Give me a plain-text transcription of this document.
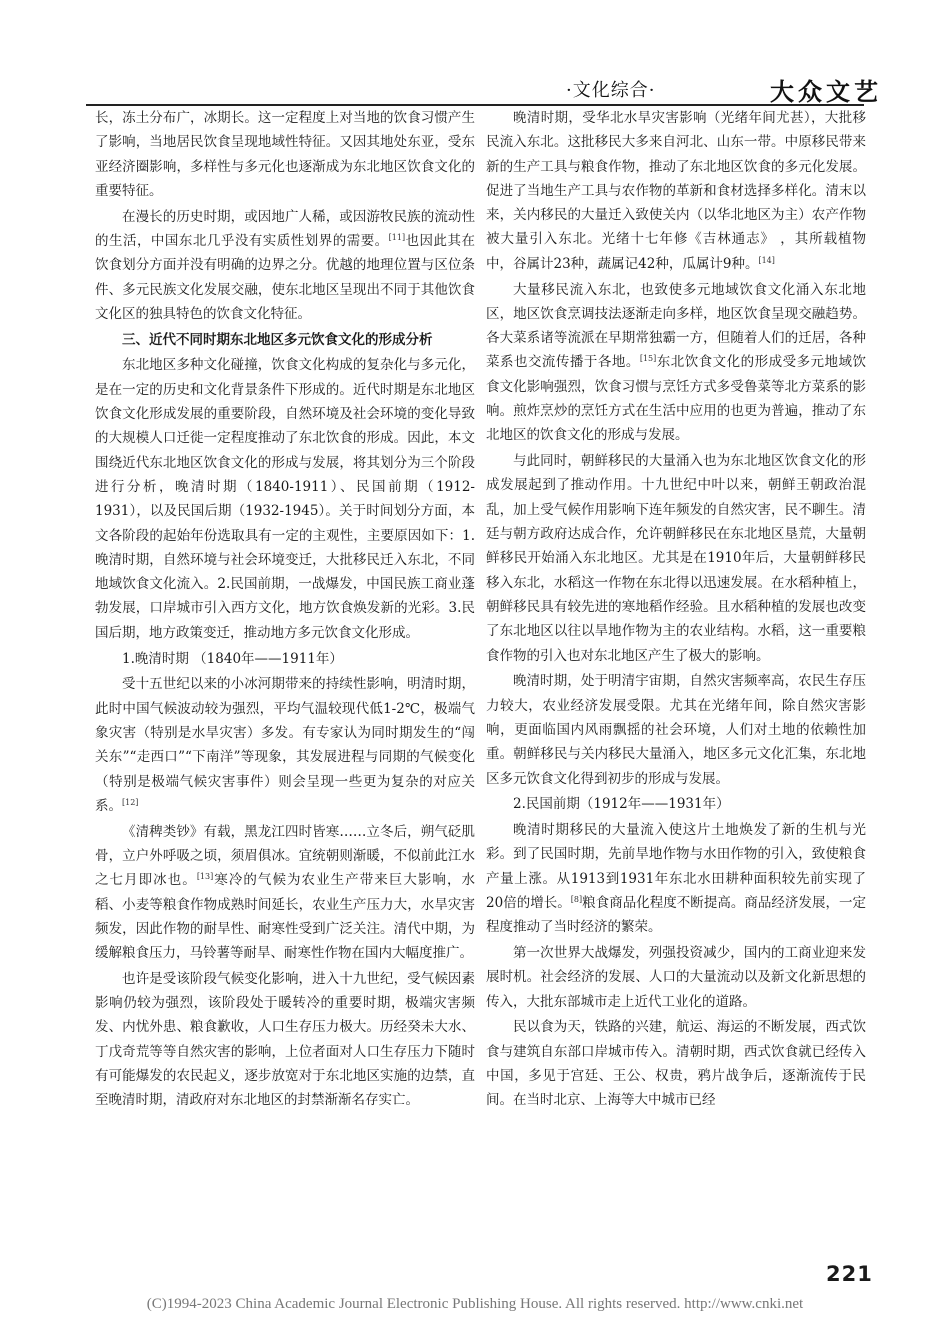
·文化综合·	大众文艺

长，冻土分布广，冰期长。这一定程度上对当地的饮食习惯产生了影响，当地居民饮食呈现地域性特征。又因其地处东亚，受东亚经济圈影响，多样性与多元化也逐渐成为东北地区饮食文化的重要特征。

在漫长的历史时期，或因地广人稀，或因游牧民族的流动性的生活，中国东北几乎没有实质性划界的需要。[11]也因此其在饮食划分方面并没有明确的边界之分。优越的地理位置与区位条件、多元民族文化发展交融，使东北地区呈现出不同于其他饮食文化区的独具特色的饮食文化特征。

三、近代不同时期东北地区多元饮食文化的形成分析

东北地区多种文化碰撞，饮食文化构成的复杂化与多元化，是在一定的历史和文化背景条件下形成的。近代时期是东北地区饮食文化形成发展的重要阶段，自然环境及社会环境的变化导致的大规模人口迁徙一定程度推动了东北饮食的形成。因此，本文围绕近代东北地区饮食文化的形成与发展，将其划分为三个阶段进行分析，晚清时期（1840-1911）、民国前期（1912-1931），以及民国后期（1932-1945）。关于时间划分方面，本文各阶段的起始年份选取具有一定的主观性，主要原因如下：1.晚清时期，自然环境与社会环境变迁，大批移民迁入东北，不同地域饮食文化流入。2.民国前期，一战爆发，中国民族工商业蓬勃发展，口岸城市引入西方文化，地方饮食焕发新的光彩。3.民国后期，地方政策变迁，推动地方多元饮食文化形成。

1.晚清时期 （1840年——1911年）

受十五世纪以来的小冰河期带来的持续性影响，明清时期，此时中国气候波动较为强烈，平均气温较现代低1-2℃，极端气象灾害（特别是水旱灾害）多发。有专家认为同时期发生的“闯关东”“走西口”“下南洋”等现象，其发展进程与同期的气候变化（特别是极端气候灾害事件）则会呈现一些更为复杂的对应关系。[12]

《清稗类钞》有载，黑龙江四时皆寒……立冬后，朔气砭肌骨，立户外呼吸之顷，须眉俱冰。宜统朝则渐暖，不似前此江水之七月即冰也。[13]寒冷的气候为农业生产带来巨大影响，水稻、小麦等粮食作物成熟时间延长，农业生产压力大，水旱灾害频发，因此作物的耐旱性、耐寒性受到广泛关注。清代中期，为缓解粮食压力，马铃薯等耐旱、耐寒性作物在国内大幅度推广。

也许是受该阶段气候变化影响，进入十九世纪，受气候因素影响仍较为强烈，该阶段处于暖转冷的重要时期，极端灾害频发、内忧外患、粮食歉收，人口生存压力极大。历经癸未大水、丁戊奇荒等等自然灾害的影响，上位者面对人口生存压力下随时有可能爆发的农民起义，逐步放宽对于东北地区实施的边禁，直至晚清时期，清政府对东北地区的封禁渐渐名存实亡。

晚清时期，受华北水旱灾害影响（光绪年间尤甚），大批移民流入东北。这批移民大多来自河北、山东一带。中原移民带来新的生产工具与粮食作物，推动了东北地区饮食的多元化发展。促进了当地生产工具与农作物的革新和食材选择多样化。清末以来，关内移民的大量迁入致使关内（以华北地区为主）农产作物被大量引入东北。光绪十七年修《吉林通志》 ，其所载植物中，谷属计23种，蔬属记42种，瓜属计9种。[14]

大量移民流入东北，也致使多元地域饮食文化涌入东北地区，地区饮食烹调技法逐渐走向多样，地区饮食呈现交融趋势。各大菜系诸等流派在早期常独霸一方，但随着人们的迁居，各种菜系也交流传播于各地。[15]东北饮食文化的形成受多元地域饮食文化影响强烈，饮食习惯与烹饪方式多受鲁菜等北方菜系的影响。煎炸烹炒的烹饪方式在生活中应用的也更为普遍，推动了东北地区的饮食文化的形成与发展。

与此同时，朝鲜移民的大量涌入也为东北地区饮食文化的形成发展起到了推动作用。十九世纪中叶以来，朝鲜王朝政治混乱，加上受气候作用影响下连年频发的自然灾害，民不聊生。清廷与朝方政府达成合作，允许朝鲜移民在东北地区垦荒，大量朝鲜移民开始涌入东北地区。尤其是在1910年后，大量朝鲜移民移入东北，水稻这一作物在东北得以迅速发展。在水稻种植上，朝鲜移民具有较先进的寒地稻作经验。且水稻种植的发展也改变了东北地区以往以旱地作物为主的农业结构。水稻，这一重要粮食作物的引入也对东北地区产生了极大的影响。

晚清时期，处于明清宇宙期，自然灾害频率高，农民生存压力较大，农业经济发展受限。尤其在光绪年间，除自然灾害影响，更面临国内风雨飘摇的社会环境，人们对土地的依赖性加重。朝鲜移民与关内移民大量涌入，地区多元文化汇集，东北地区多元饮食文化得到初步的形成与发展。

2.民国前期（1912年——1931年）

晚清时期移民的大量流入使这片土地焕发了新的生机与光彩。到了民国时期，先前旱地作物与水田作物的引入，致使粮食产量上涨。从1913到1931年东北水田耕种面积较先前实现了20倍的增长。[8]粮食商品化程度不断提高。商品经济发展，一定程度推动了当时经济的繁荣。

第一次世界大战爆发，列强投资减少，国内的工商业迎来发展时机。社会经济的发展、人口的大量流动以及新文化新思想的传入，大批东部城市走上近代工业化的道路。

民以食为天，铁路的兴建，航运、海运的不断发展，西式饮食与建筑自东部口岸城市传入。清朝时期，西式饮食就已经传入中国，多见于宫廷、王公、权贵，鸦片战争后，逐渐流传于民间。在当时北京、上海等大中城市已经

221
(C)1994-2023 China Academic Journal Electronic Publishing House. All rights reserved. http://www.cnki.net
